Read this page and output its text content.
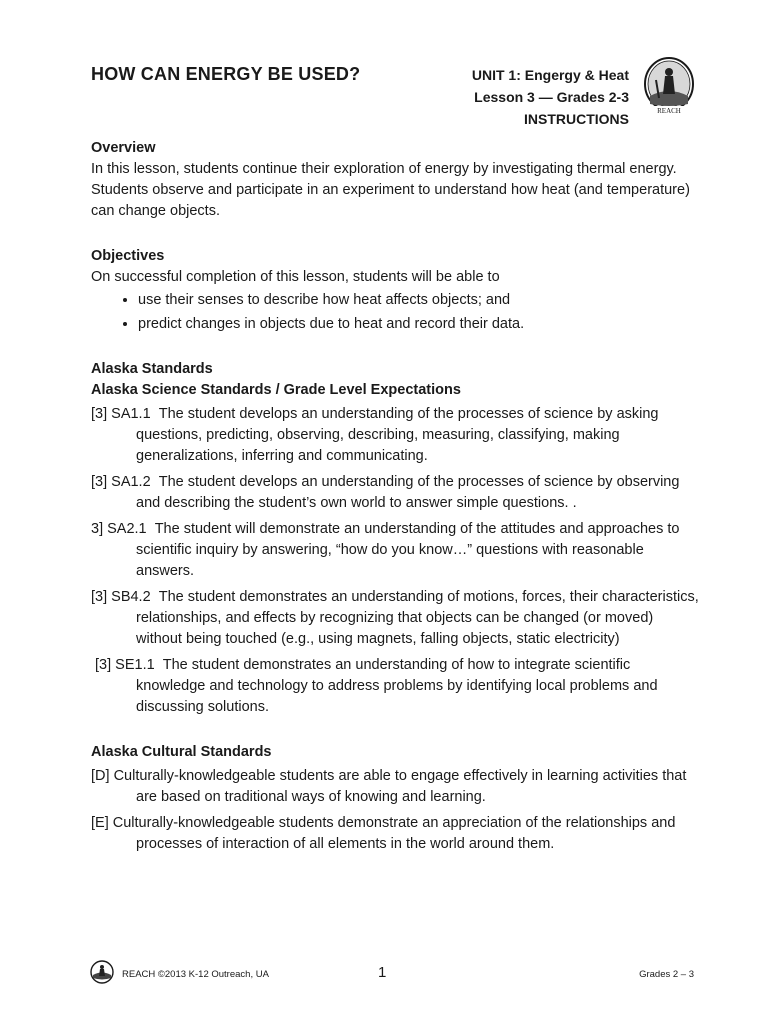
HOW CAN ENERGY BE USED?	UNIT 1: Engergy & Heat
Lesson 3 — Grades 2-3
INSTRUCTIONS	REACH
Overview

In this lesson, students continue their exploration of energy by investigating thermal energy. Students observe and participate in an experiment to understand how heat (and temperature) can change objects.

Objectives

On successful completion of this lesson, students will be able to

• use their senses to describe how heat affects objects; and
• predict changes in objects due to heat and record their data.
Alaska Standards
Alaska Science Standards / Grade Level Expectations

[3] SA1.1 The student develops an understanding of the processes of science by asking questions, predicting, observing, describing, measuring, classifying, making generalizations, inferring and communicating.

[3] SA1.2 The student develops an understanding of the processes of science by observing and describing the student’s own world to answer simple questions. .

3] SA2.1 The student will demonstrate an understanding of the attitudes and approaches to scientific inquiry by answering, “how do you know…” questions with reasonable answers.

[3] SB4.2 The student demonstrates an understanding of motions, forces, their characteristics, relationships, and effects by recognizing that objects can be changed (or moved) without being touched (e.g., using magnets, falling objects, static electricity)

[3] SE1.1 The student demonstrates an understanding of how to integrate scientific knowledge and technology to address problems by identifying local problems and discussing solutions.

Alaska Cultural Standards

[D] Culturally-knowledgeable students are able to engage effectively in learning activities that are based on traditional ways of knowing and learning.

[E] Culturally-knowledgeable students demonstrate an appreciation of the relationships and processes of interaction of all elements in the world around them.

REACH ©2013 K-12 Outreach, UA	1	Grades 2 – 3
